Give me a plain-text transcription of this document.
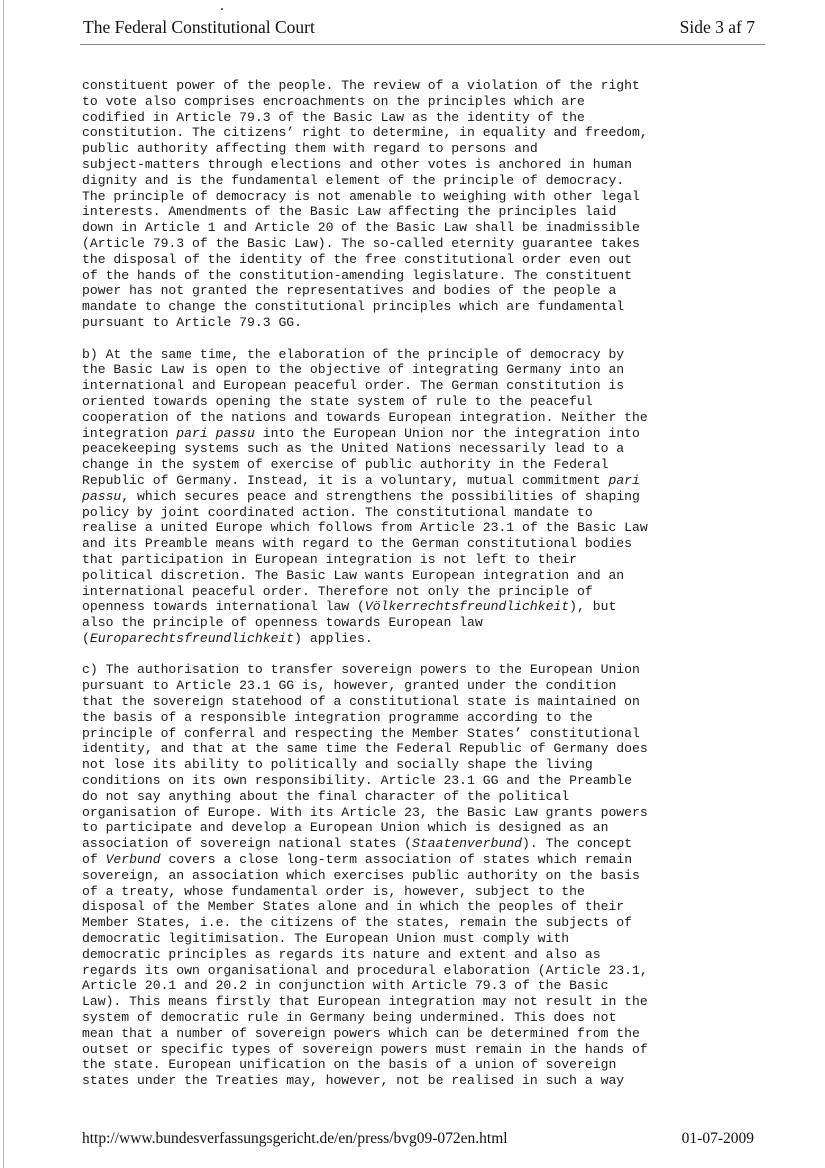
The Federal Constitutional Court	Side 3 af 7
constituent power of the people. The review of a violation of the right
to vote also comprises encroachments on the principles which are
codified in Article 79.3 of the Basic Law as the identity of the
constitution. The citizens’ right to determine, in equality and freedom,
public authority affecting them with regard to persons and
subject-matters through elections and other votes is anchored in human
dignity and is the fundamental element of the principle of democracy.
The principle of democracy is not amenable to weighing with other legal
interests. Amendments of the Basic Law affecting the principles laid
down in Article 1 and Article 20 of the Basic Law shall be inadmissible
(Article 79.3 of the Basic Law). The so-called eternity guarantee takes
the disposal of the identity of the free constitutional order even out
of the hands of the constitution-amending legislature. The constituent
power has not granted the representatives and bodies of the people a
mandate to change the constitutional principles which are fundamental
pursuant to Article 79.3 GG.
b) At the same time, the elaboration of the principle of democracy by
the Basic Law is open to the objective of integrating Germany into an
international and European peaceful order. The German constitution is
oriented towards opening the state system of rule to the peaceful
cooperation of the nations and towards European integration. Neither the
integration pari passu into the European Union nor the integration into
peacekeeping systems such as the United Nations necessarily lead to a
change in the system of exercise of public authority in the Federal
Republic of Germany. Instead, it is a voluntary, mutual commitment pari
passu, which secures peace and strengthens the possibilities of shaping
policy by joint coordinated action. The constitutional mandate to
realise a united Europe which follows from Article 23.1 of the Basic Law
and its Preamble means with regard to the German constitutional bodies
that participation in European integration is not left to their
political discretion. The Basic Law wants European integration and an
international peaceful order. Therefore not only the principle of
openness towards international law (Völkerrechtsfreundlichkeit), but
also the principle of openness towards European law
(Europarechtsfreundlichkeit) applies.
c) The authorisation to transfer sovereign powers to the European Union
pursuant to Article 23.1 GG is, however, granted under the condition
that the sovereign statehood of a constitutional state is maintained on
the basis of a responsible integration programme according to the
principle of conferral and respecting the Member States’ constitutional
identity, and that at the same time the Federal Republic of Germany does
not lose its ability to politically and socially shape the living
conditions on its own responsibility. Article 23.1 GG and the Preamble
do not say anything about the final character of the political
organisation of Europe. With its Article 23, the Basic Law grants powers
to participate and develop a European Union which is designed as an
association of sovereign national states (Staatenverbund). The concept
of Verbund covers a close long-term association of states which remain
sovereign, an association which exercises public authority on the basis
of a treaty, whose fundamental order is, however, subject to the
disposal of the Member States alone and in which the peoples of their
Member States, i.e. the citizens of the states, remain the subjects of
democratic legitimisation. The European Union must comply with
democratic principles as regards its nature and extent and also as
regards its own organisational and procedural elaboration (Article 23.1,
Article 20.1 and 20.2 in conjunction with Article 79.3 of the Basic
Law). This means firstly that European integration may not result in the
system of democratic rule in Germany being undermined. This does not
mean that a number of sovereign powers which can be determined from the
outset or specific types of sovereign powers must remain in the hands of
the state. European unification on the basis of a union of sovereign
states under the Treaties may, however, not be realised in such a way
http://www.bundesverfassungsgericht.de/en/press/bvg09-072en.html	01-07-2009
